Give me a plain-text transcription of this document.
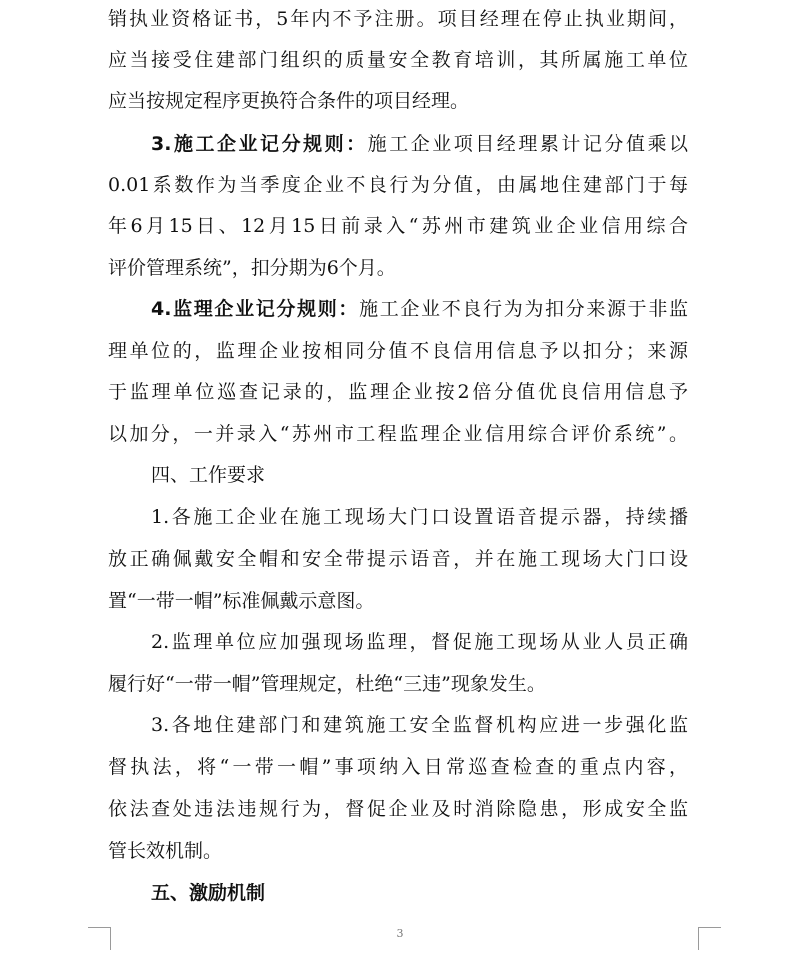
销执业资格证书，5年内不予注册。项目经理在停止执业期间，
应当接受住建部门组织的质量安全教育培训，其所属施工单位
应当按规定程序更换符合条件的项目经理。
3.施工企业记分规则：施工企业项目经理累计记分值乘以
0.01系数作为当季度企业不良行为分值，由属地住建部门于每
年6月15日、12月15日前录入“苏州市建筑业企业信用综合
评价管理系统”，扣分期为6个月。
4.监理企业记分规则：施工企业不良行为为扣分来源于非监
理单位的，监理企业按相同分值不良信用信息予以扣分；来源
于监理单位巡查记录的，监理企业按2倍分值优良信用信息予
以加分，一并录入“苏州市工程监理企业信用综合评价系统”。
四、工作要求
1.各施工企业在施工现场大门口设置语音提示器，持续播
放正确佩戴安全帽和安全带提示语音，并在施工现场大门口设
置“一带一帽”标准佩戴示意图。
2.监理单位应加强现场监理，督促施工现场从业人员正确
履行好“一带一帽”管理规定，杜绝“三违”现象发生。
3.各地住建部门和建筑施工安全监督机构应进一步强化监
督执法，将“一带一帽”事项纳入日常巡查检查的重点内容，
依法查处违法违规行为，督促企业及时消除隐患，形成安全监
管长效机制。
五、激励机制
3
